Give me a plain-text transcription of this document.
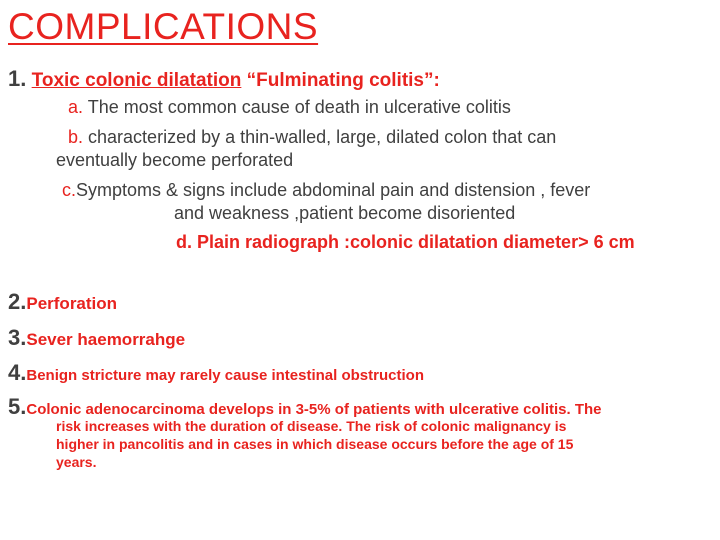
COMPLICATIONS
1. Toxic colonic dilatation “Fulminating colitis”:
a. The most common cause of death in ulcerative colitis
b. characterized by a thin-walled, large, dilated colon that can
eventually become perforated
c.Symptoms & signs include abdominal pain and distension , fever
and weakness ,patient become disoriented
d. Plain radiograph :colonic dilatation diameter> 6 cm
2.Perforation
3.Sever haemorrahge
4.Benign stricture may rarely cause intestinal obstruction
5.Colonic adenocarcinoma develops in 3-5% of patients with ulcerative colitis. The
risk increases with the duration of disease. The risk of colonic malignancy is
higher in pancolitis and in cases in which disease occurs before the age of 15
years.
